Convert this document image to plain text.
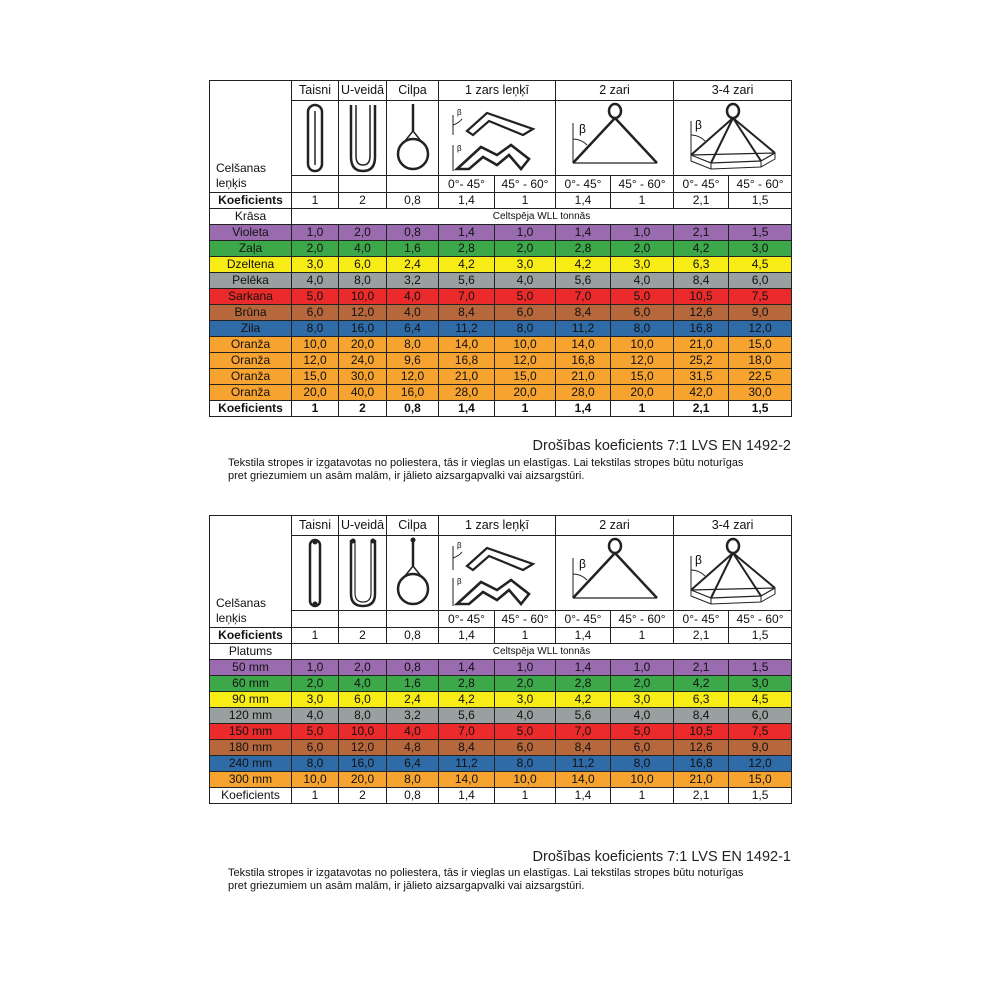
Celšanas
leņķis	Taisni	U-veidā	Cilpa	1 zars leņķī		2 zari		3-4 zari	

β
β		β		β	

				0°- 45°	45° - 60°	0°- 45°	45° - 60°	0°- 45°	45° - 60°
Koeficients	1	2	0,8	1,4	1	1,4	1	2,1	1,5
Krāsa	Celtspēja WLL tonnās								
Violeta	1,0	2,0	0,8	1,4	1,0	1,4	1,0	2,1	1,5
Zaļa	2,0	4,0	1,6	2,8	2,0	2,8	2,0	4,2	3,0
Dzeltena	3,0	6,0	2,4	4,2	3,0	4,2	3,0	6,3	4,5
Pelēka	4,0	8,0	3,2	5,6	4,0	5,6	4,0	8,4	6,0
Sarkana	5,0	10,0	4,0	7,0	5,0	7,0	5,0	10,5	7,5
Brūna	6,0	12,0	4,0	8,4	6,0	8,4	6,0	12,6	9,0
Zila	8,0	16,0	6,4	11,2	8,0	11,2	8,0	16,8	12,0
Oranža	10,0	20,0	8,0	14,0	10,0	14,0	10,0	21,0	15,0
Oranža	12,0	24,0	9,6	16,8	12,0	16,8	12,0	25,2	18,0
Oranža	15,0	30,0	12,0	21,0	15,0	21,0	15,0	31,5	22,5
Oranža	20,0	40,0	16,0	28,0	20,0	28,0	20,0	42,0	30,0
Koeficients	1	2	0,8	1,4	1	1,4	1	2,1	1,5
Drošības koeficients 7:1 LVS EN 1492-2

Tekstila stropes ir izgatavotas no poliestera, tās ir vieglas un elastīgas. Lai tekstilas stropes būtu noturīgas

pret griezumiem un asām malām, ir jālieto aizsargapvalki vai aizsargstūri.

Celšanas
leņķis	Taisni	U-veidā	Cilpa	1 zars leņķī		2 zari		3-4 zari	

β
β		β		β	

				0°- 45°	45° - 60°	0°- 45°	45° - 60°	0°- 45°	45° - 60°
Koeficients	1	2	0,8	1,4	1	1,4	1	2,1	1,5
Platums	Celtspēja WLL tonnās								
50 mm	1,0	2,0	0,8	1,4	1,0	1,4	1,0	2,1	1,5
60 mm	2,0	4,0	1,6	2,8	2,0	2,8	2,0	4,2	3,0
90 mm	3,0	6,0	2,4	4,2	3,0	4,2	3,0	6,3	4,5
120 mm	4,0	8,0	3,2	5,6	4,0	5,6	4,0	8,4	6,0
150 mm	5,0	10,0	4,0	7,0	5,0	7,0	5,0	10,5	7,5
180 mm	6,0	12,0	4,8	8,4	6,0	8,4	6,0	12,6	9,0
240 mm	8,0	16,0	6,4	11,2	8,0	11,2	8,0	16,8	12,0
300 mm	10,0	20,0	8,0	14,0	10,0	14,0	10,0	21,0	15,0
Koeficients	1	2	0,8	1,4	1	1,4	1	2,1	1,5
Drošības koeficients 7:1 LVS EN 1492-1

Tekstila stropes ir izgatavotas no poliestera, tās ir vieglas un elastīgas. Lai tekstilas stropes būtu noturīgas

pret griezumiem un asām malām, ir jālieto aizsargapvalki vai aizsargstūri.
